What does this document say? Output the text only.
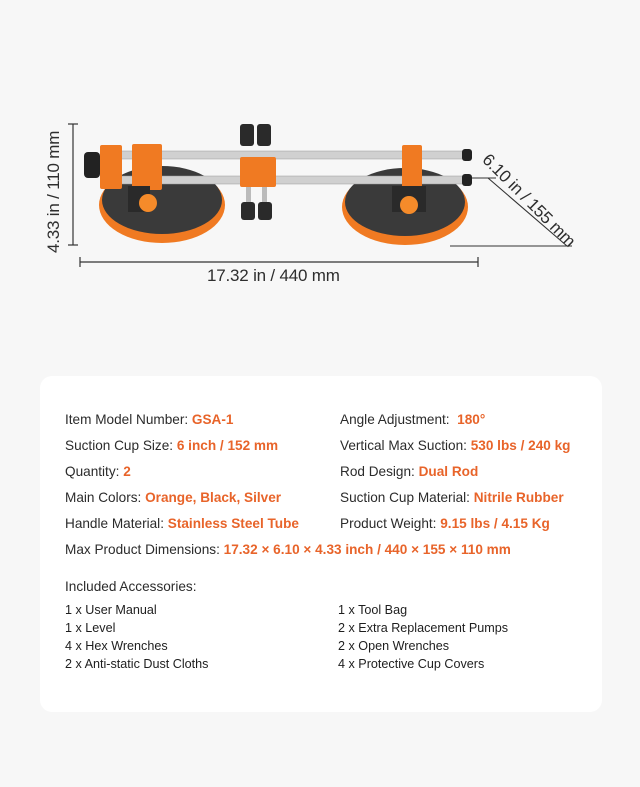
17.32 in / 440 mm
4.33 in / 110 mm	6.10 in / 155 mm
Item Model Number: GSA-1
Suction Cup Size: 6 inch / 152 mm
Quantity: 2
Main Colors: Orange, Black, Silver
Handle Material: Stainless Steel Tube
Angle Adjustment:  180°
Vertical Max Suction: 530 lbs / 240 kg
Rod Design: Dual Rod
Suction Cup Material: Nitrile Rubber
Product Weight: 9.15 lbs / 4.15 Kg
Max Product Dimensions: 17.32 × 6.10 × 4.33 inch / 440 × 155 × 110 mm
Included Accessories:
1 x User Manual
1 x Level
4 x Hex Wrenches
2 x Anti-static Dust Cloths
1 x Tool Bag
2 x Extra Replacement Pumps
2 x Open Wrenches
4 x Protective Cup Covers
